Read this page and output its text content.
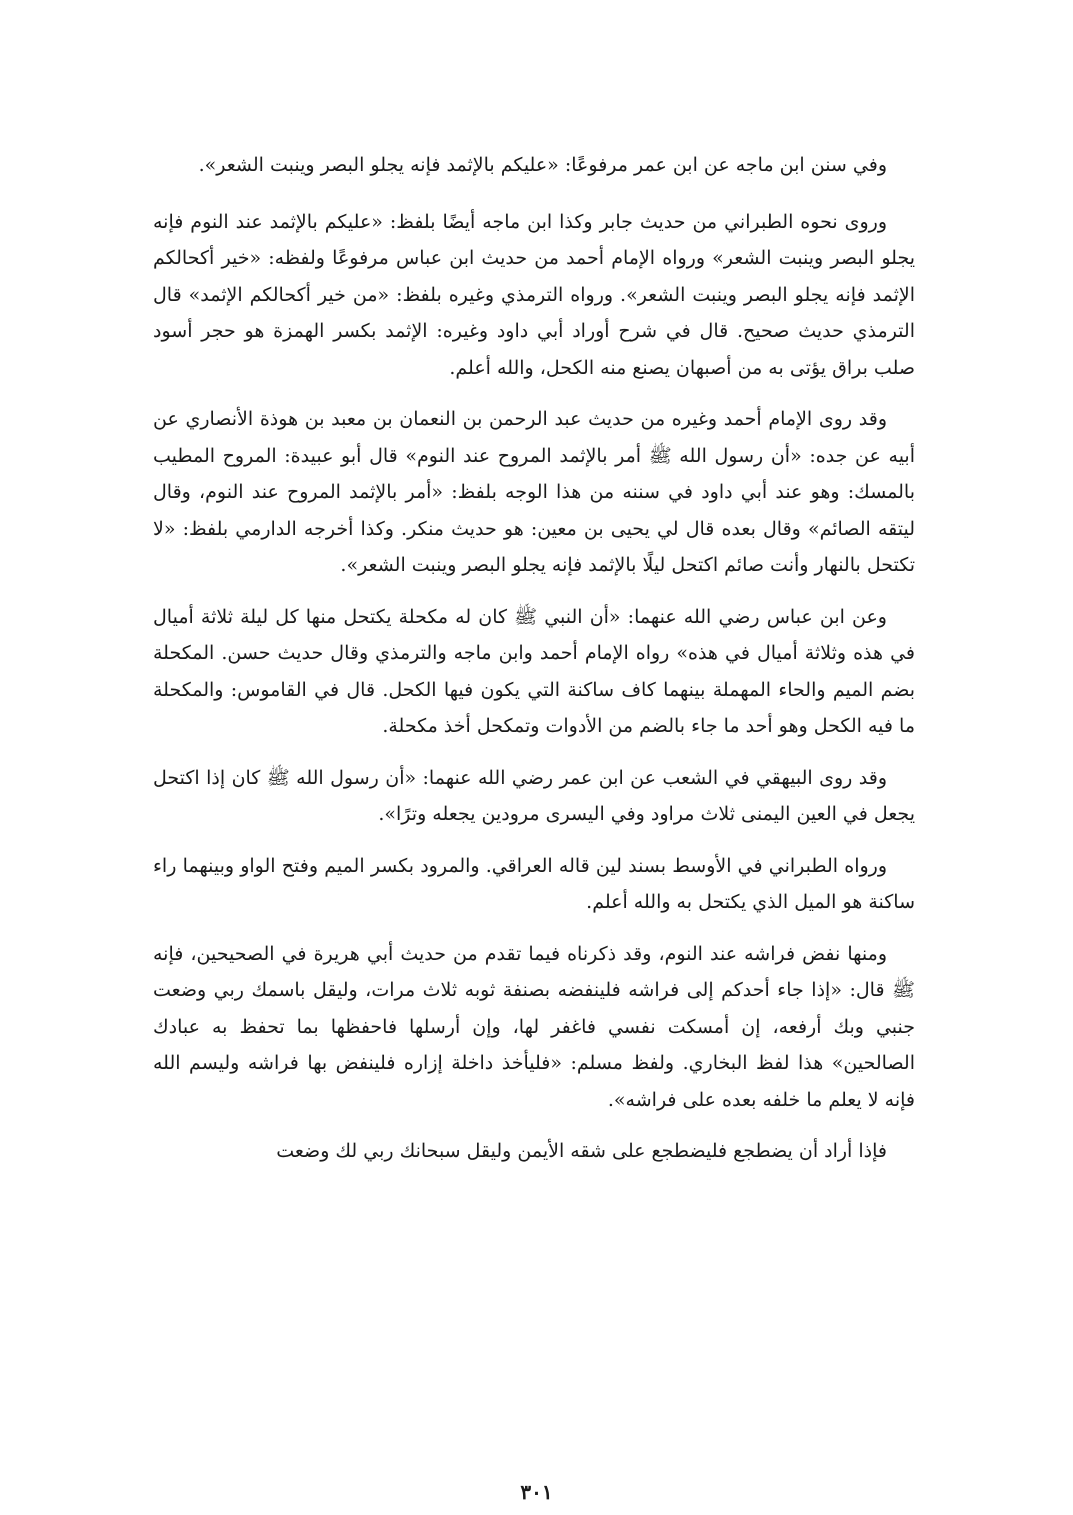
وفي سنن ابن ماجه عن ابن عمر مرفوعًا: «عليكم بالإثمد فإنه يجلو البصر وينبت الشعر».

وروى نحوه الطبراني من حديث جابر وكذا ابن ماجه أيضًا بلفظ: «عليكم بالإثمد عند النوم فإنه يجلو البصر وينبت الشعر» ورواه الإمام أحمد من حديث ابن عباس مرفوعًا ولفظه: «خير أكحالكم الإثمد فإنه يجلو البصر وينبت الشعر». ورواه الترمذي وغيره بلفظ: «من خير أكحالكم الإثمد» قال الترمذي حديث صحيح. قال في شرح أوراد أبي داود وغيره: الإثمد بكسر الهمزة هو حجر أسود صلب براق يؤتى به من أصبهان يصنع منه الكحل، والله أعلم.

وقد روى الإمام أحمد وغيره من حديث عبد الرحمن بن النعمان بن معبد بن هوذة الأنصاري عن أبيه عن جده: «أن رسول الله ﷺ أمر بالإثمد المروح عند النوم» قال أبو عبيدة: المروح المطيب بالمسك: وهو عند أبي داود في سننه من هذا الوجه بلفظ: «أمر بالإثمد المروح عند النوم، وقال ليتقه الصائم» وقال بعده قال لي يحيى بن معين: هو حديث منكر. وكذا أخرجه الدارمي بلفظ: «لا تكتحل بالنهار وأنت صائم اكتحل ليلًا بالإثمد فإنه يجلو البصر وينبت الشعر».

وعن ابن عباس رضي الله عنهما: «أن النبي ﷺ كان له مكحلة يكتحل منها كل ليلة ثلاثة أميال في هذه وثلاثة أميال في هذه» رواه الإمام أحمد وابن ماجه والترمذي وقال حديث حسن. المكحلة بضم الميم والحاء المهملة بينهما كاف ساكنة التي يكون فيها الكحل. قال في القاموس: والمكحلة ما فيه الكحل وهو أحد ما جاء بالضم من الأدوات وتمكحل أخذ مكحلة.

وقد روى البيهقي في الشعب عن ابن عمر رضي الله عنهما: «أن رسول الله ﷺ كان إذا اكتحل يجعل في العين اليمنى ثلاث مراود وفي اليسرى مرودين يجعله وترًا».

ورواه الطبراني في الأوسط بسند لين قاله العراقي. والمرود بكسر الميم وفتح الواو وبينهما راء ساكنة هو الميل الذي يكتحل به والله أعلم.

ومنها نفض فراشه عند النوم، وقد ذكرناه فيما تقدم من حديث أبي هريرة في الصحيحين، فإنه ﷺ قال: «إذا جاء أحدكم إلى فراشه فلينفضه بصنفة ثوبه ثلاث مرات، وليقل باسمك ربي وضعت جنبي وبك أرفعه، إن أمسكت نفسي فاغفر لها، وإن أرسلها فاحفظها بما تحفظ به عبادك الصالحين» هذا لفظ البخاري. ولفظ مسلم: «فليأخذ داخلة إزاره فلينفض بها فراشه وليسم الله فإنه لا يعلم ما خلفه بعده على فراشه».

فإذا أراد أن يضطجع فليضطجع على شقه الأيمن وليقل سبحانك ربي لك وضعت

٣٠١
